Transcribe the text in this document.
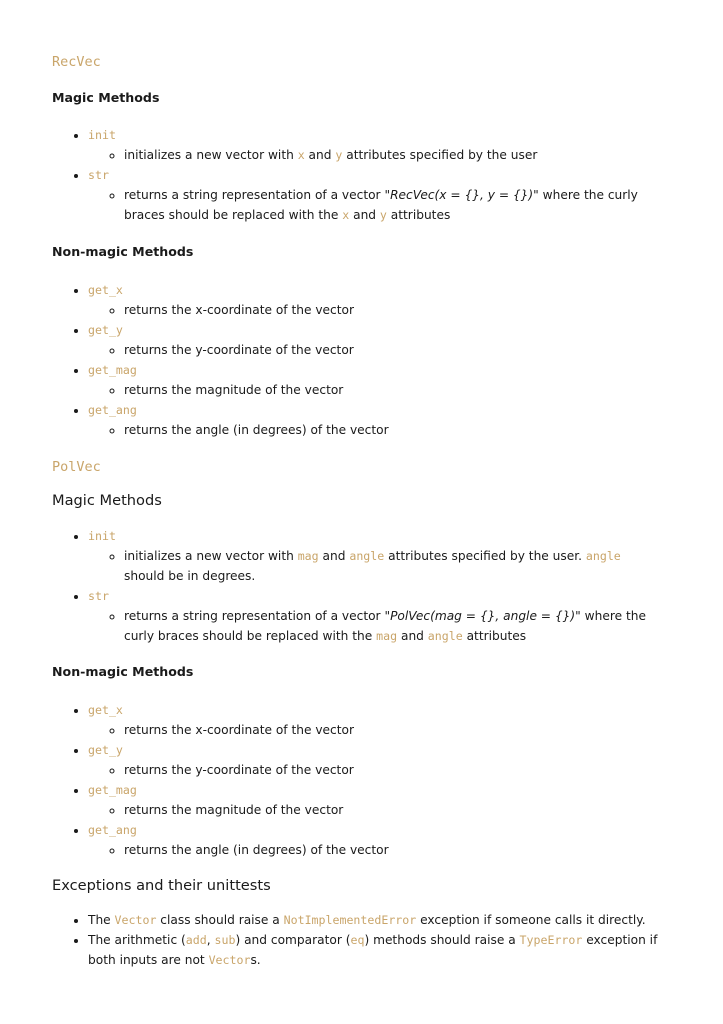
RecVec
Magic Methods
• init
◦ initializes a new vector with x and y attributes specified by the user
• str
◦ returns a string representation of a vector "RecVec(x = {}, y = {})" where the curly braces should be replaced with the x and y attributes
Non-magic Methods
• get_x
◦ returns the x-coordinate of the vector
• get_y
◦ returns the y-coordinate of the vector
• get_mag
◦ returns the magnitude of the vector
• get_ang
◦ returns the angle (in degrees) of the vector
PolVec
Magic Methods
• init
◦ initializes a new vector with mag and angle attributes specified by the user. angle should be in degrees.
• str
◦ returns a string representation of a vector "PolVec(mag = {}, angle = {})" where the curly braces should be replaced with the mag and angle attributes
Non-magic Methods
• get_x
◦ returns the x-coordinate of the vector
• get_y
◦ returns the y-coordinate of the vector
• get_mag
◦ returns the magnitude of the vector
• get_ang
◦ returns the angle (in degrees) of the vector
Exceptions and their unittests
• The Vector class should raise a NotImplementedError exception if someone calls it directly.
• The arithmetic (add, sub) and comparator (eq) methods should raise a TypeError exception if both inputs are not Vectors.
